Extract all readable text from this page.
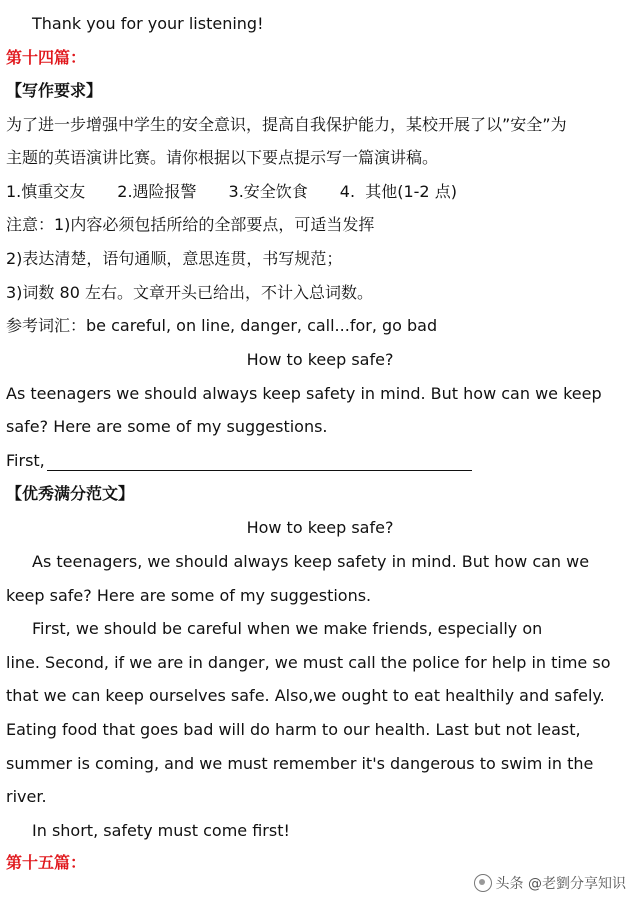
Thank you for your listening!
第十四篇：
【写作要求】
为了进一步增强中学生的安全意识，提高自我保护能力，某校开展了以”安全”为
主题的英语演讲比赛。请你根据以下要点提示写一篇演讲稿。
1.慎重交友　　2.遇险报警　　3.安全饮食　　4.  其他(1-2 点)
注意：1)内容必须包括所给的全部要点，可适当发挥
2)表达清楚，语句通顺，意思连贯，书写规范；
3)词数 80 左右。文章开头已给出，不计入总词数。
参考词汇：be careful, on line, danger, call...for, go bad
How to keep safe?
As teenagers we should always keep safety in mind. But how can we keep
safe? Here are some of my suggestions.
First,
【优秀满分范文】
How to keep safe?
As teenagers, we should always keep safety in mind. But how can we
keep safe? Here are some of my suggestions.
First, we should be careful when we make friends, especially on
line. Second, if we are in danger, we must call the police for help in time so
that we can keep ourselves safe. Also,we ought to eat healthily and safely.
Eating food that goes bad will do harm to our health. Last but not least,
summer is coming, and we must remember it's dangerous to swim in the
river.
In short, safety must come first!
第十五篇：
头条 @老劉分享知识
